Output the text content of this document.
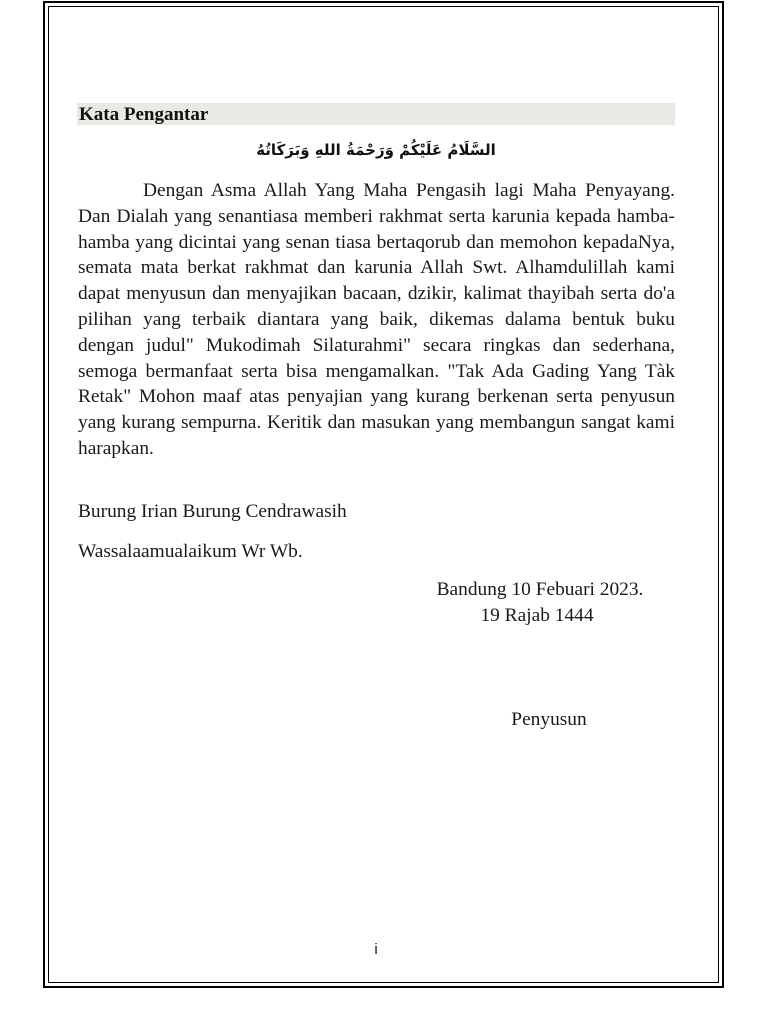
Kata Pengantar
السَّلَامُ عَلَيْكُمْ وَرَحْمَةُ اللهِ وَبَرَكَاتُهُ

Dengan Asma Allah Yang Maha Pengasih lagi Maha Penyayang. Dan Dialah yang senantiasa memberi rakhmat serta karunia kepada hamba-hamba yang dicintai yang senan tiasa bertaqorub dan memohon kepadaNya, semata mata berkat rakhmat dan karunia Allah Swt. Alhamdulillah kami dapat menyusun dan menyajikan bacaan, dzikir, kalimat thayibah serta do'a pilihan yang terbaik diantara yang baik, dikemas dalama bentuk buku dengan judul" Mukodimah Silaturahmi" secara ringkas dan sederhana, semoga bermanfaat serta bisa mengamalkan. "Tak Ada Gading Yang Tàk Retak" Mohon maaf atas penyajian yang kurang berkenan serta penyusun yang kurang sempurna. Keritik dan masukan yang membangun sangat kami harapkan.

Burung Irian Burung Cendrawasih
Wassalaamualaikum Wr Wb.
Bandung 10 Febuari 2023.
19 Rajab 1444
Penyusun
i
